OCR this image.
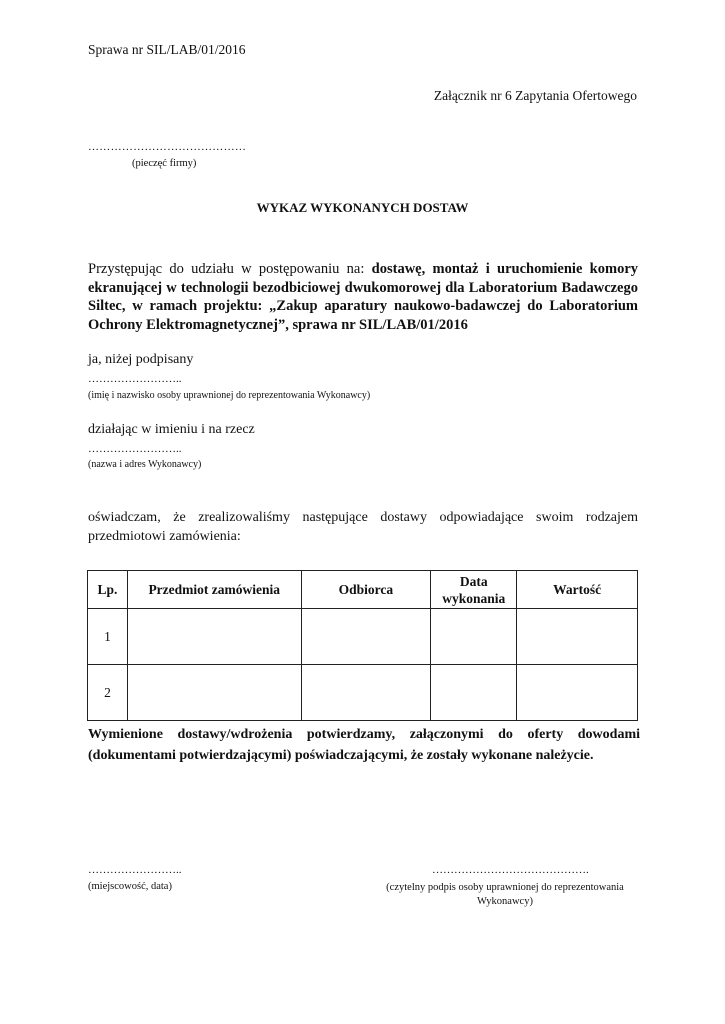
Sprawa nr SIL/LAB/01/2016
Załącznik nr 6 Zapytania Ofertowego
……………………………………
(pieczęć firmy)
WYKAZ WYKONANYCH DOSTAW
Przystępując do udziału w postępowaniu na: dostawę, montaż i uruchomienie komory ekranującej w technologii bezodbiciowej dwukomorowej dla Laboratorium Badawczego Siltec, w ramach projektu: „Zakup aparatury naukowo-badawczej do Laboratorium Ochrony Elektromagnetycznej”, sprawa nr SIL/LAB/01/2016
ja, niżej podpisany
……………………..
(imię i nazwisko osoby uprawnionej do reprezentowania Wykonawcy)
działając w imieniu i na rzecz
……………………..
(nazwa i adres Wykonawcy)
oświadczam, że zrealizowaliśmy następujące dostawy odpowiadające swoim rodzajem przedmiotowi zamówienia:
Lp.	Przedmiot zamówienia	Odbiorca	Data wykonania	Wartość
1				
2				
Wymienione dostawy/wdrożenia potwierdzamy, załączonymi do oferty dowodami (dokumentami potwierdzającymi) poświadczającymi, że zostały wykonane należycie.
……………………..
(miejscowość, data)
…………………………………….
(czytelny podpis osoby uprawnionej do reprezentowania Wykonawcy)
